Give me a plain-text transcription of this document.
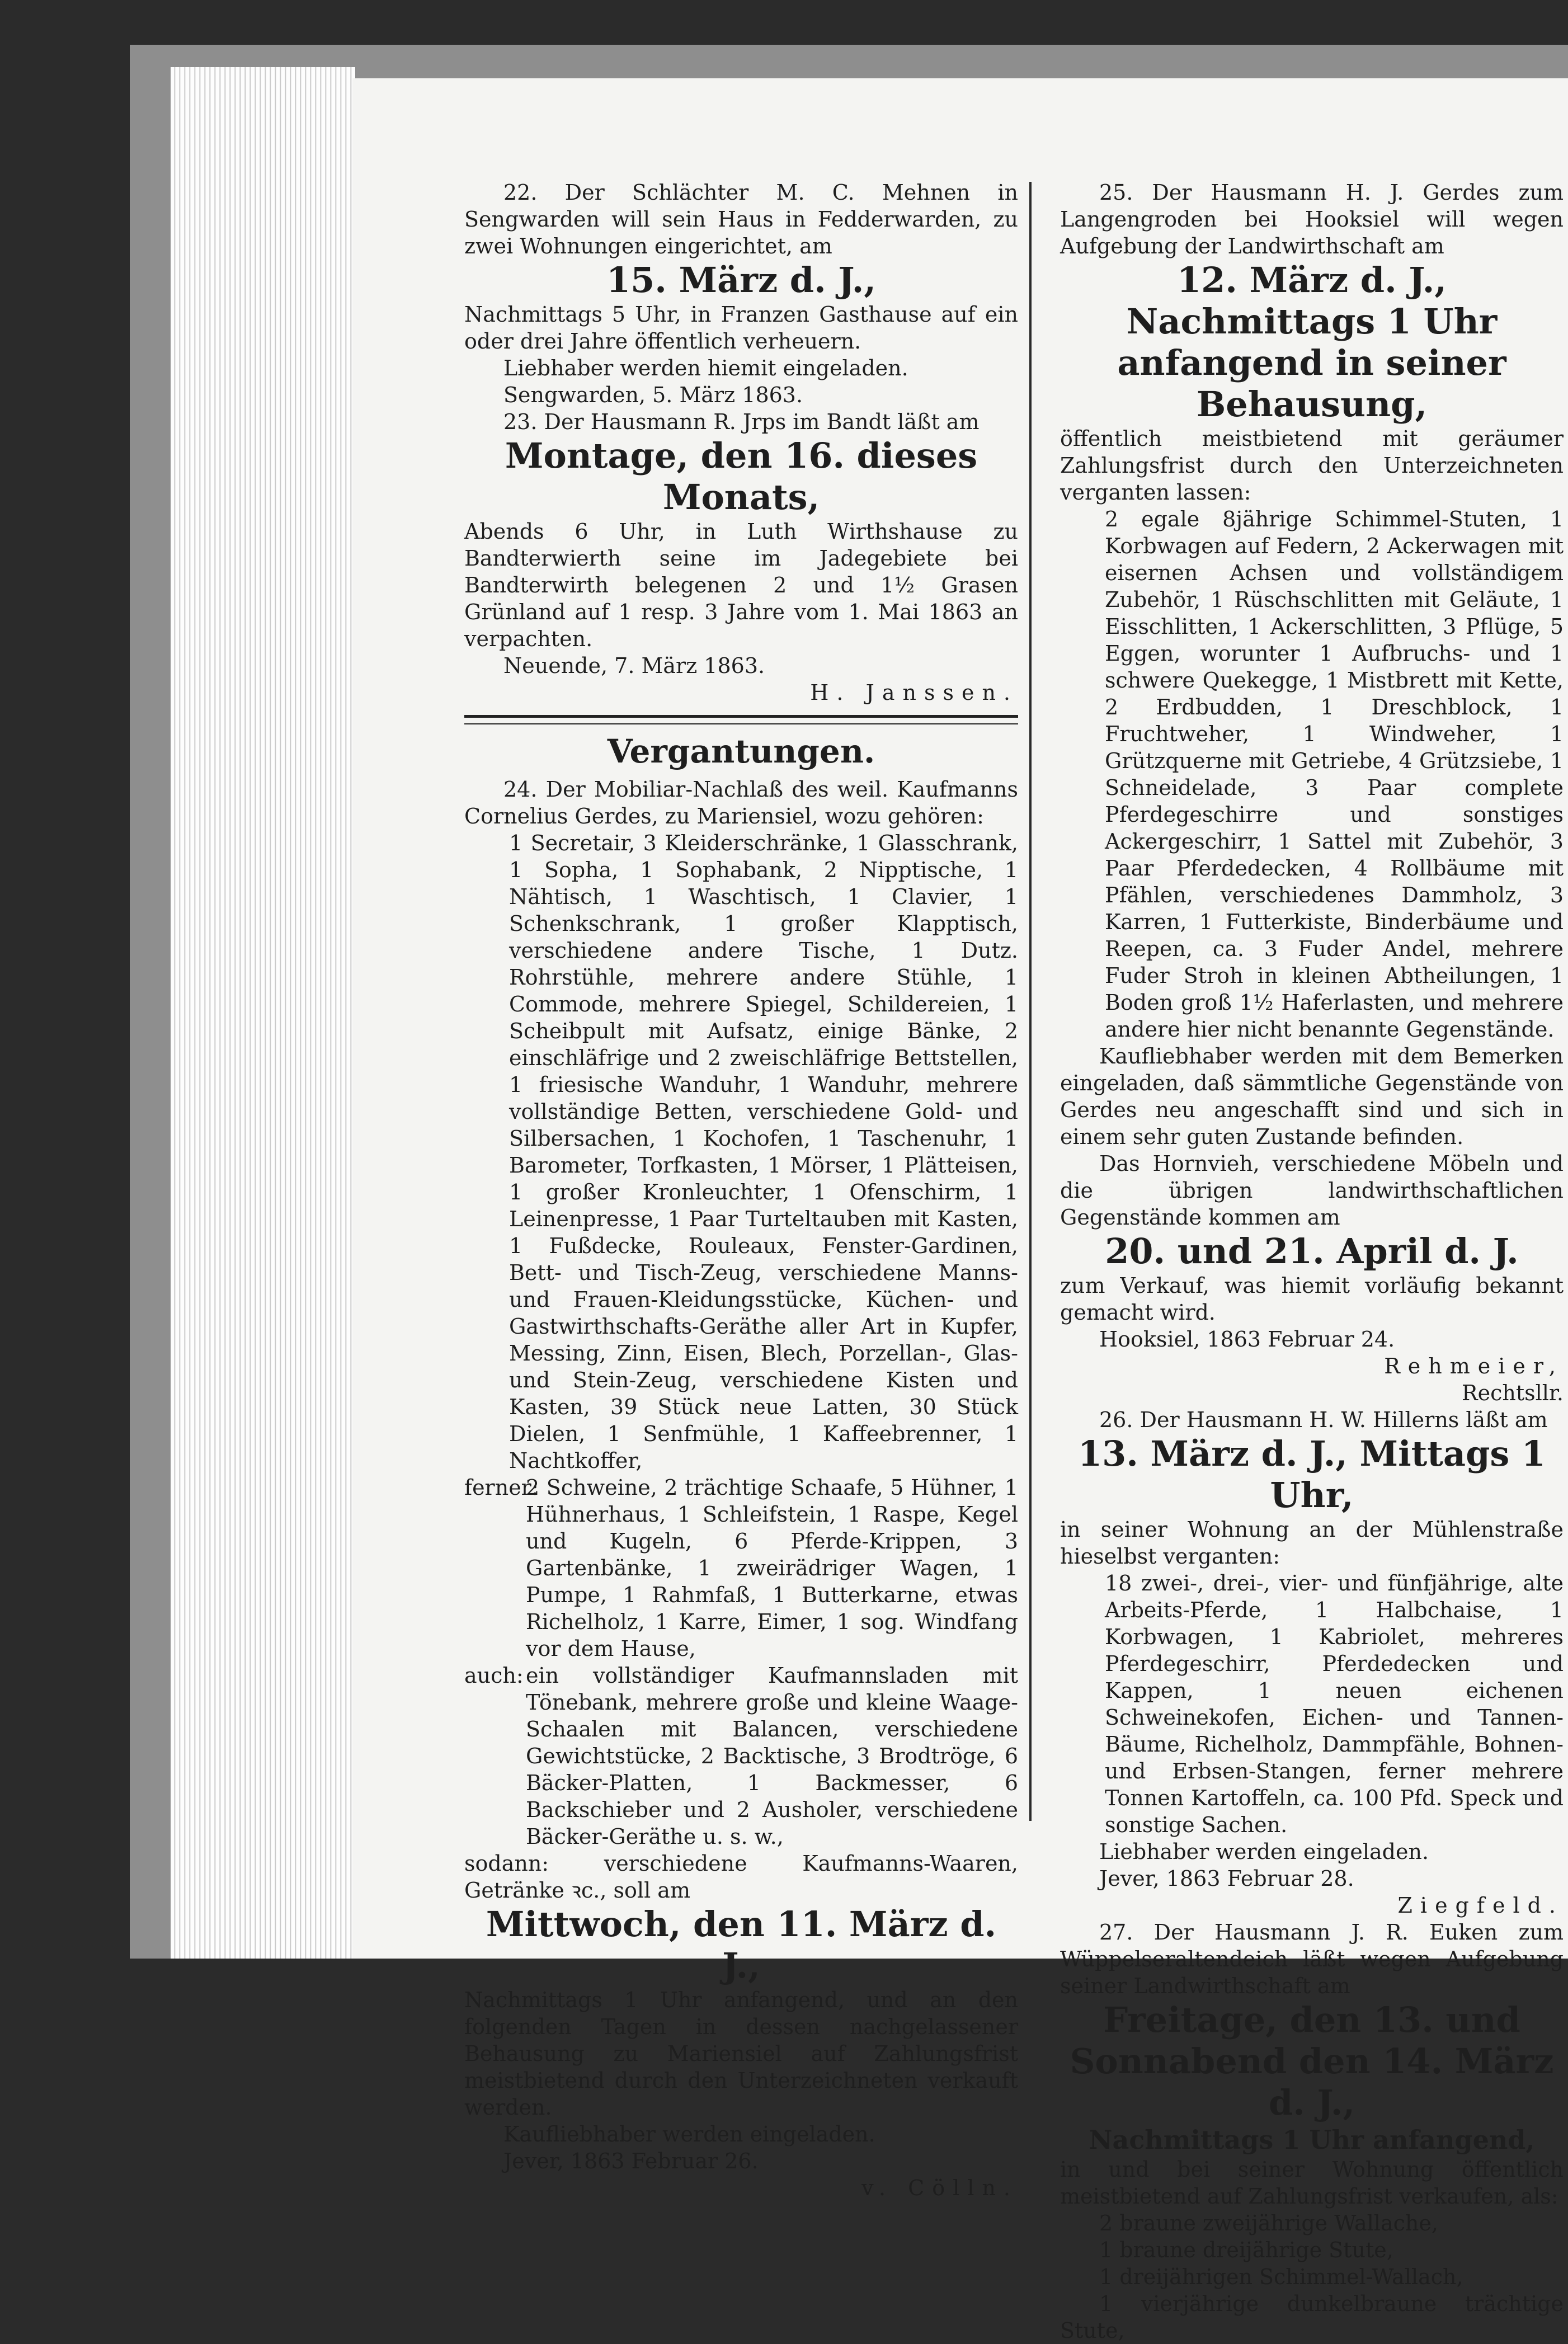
22. Der Schlächter M. C. Mehnen in Sengwarden will sein Haus in Fedderwarden, zu zwei Wohnungen eingerichtet, am

15. März d. J.,

Nachmittags 5 Uhr, in Franzen Gasthause auf ein oder drei Jahre öffentlich verheuern.

Liebhaber werden hiemit eingeladen.

Sengwarden, 5. März 1863.

23. Der Hausmann R. Jrps im Bandt läßt am

Montage, den 16. dieses Monats,

Abends 6 Uhr, in Luth Wirthshause zu Bandterwierth seine im Jadegebiete bei Bandterwirth belegenen 2 und 1½ Grasen Grünland auf 1 resp. 3 Jahre vom 1. Mai 1863 an verpachten.

Neuende, 7. März 1863.

H. Janssen.

Vergantungen.

24. Der Mobiliar-Nachlaß des weil. Kaufmanns Cornelius Gerdes, zu Mariensiel, wozu gehören:

1 Secretair, 3 Kleiderschränke, 1 Glasschrank, 1 Sopha, 1 Sophabank, 2 Nipptische, 1 Nähtisch, 1 Waschtisch, 1 Clavier, 1 Schenkschrank, 1 großer Klapptisch, verschiedene andere Tische, 1 Dutz. Rohrstühle, mehrere andere Stühle, 1 Commode, mehrere Spiegel, Schildereien, 1 Scheibpult mit Aufsatz, einige Bänke, 2 einschläfrige und 2 zweischläfrige Bettstellen, 1 friesische Wanduhr, 1 Wanduhr, mehrere vollständige Betten, verschiedene Gold- und Silbersachen, 1 Kochofen, 1 Taschenuhr, 1 Barometer, Torfkasten, 1 Mörser, 1 Plätteisen, 1 großer Kronleuchter, 1 Ofenschirm, 1 Leinenpresse, 1 Paar Turteltauben mit Kasten, 1 Fußdecke, Rouleaux, Fenster-Gardinen, Bett- und Tisch-Zeug, verschiedene Manns- und Frauen-Kleidungsstücke, Küchen- und Gastwirthschafts-Geräthe aller Art in Kupfer, Messing, Zinn, Eisen, Blech, Porzellan-, Glas- und Stein-Zeug, verschiedene Kisten und Kasten, 39 Stück neue Latten, 30 Stück Dielen, 1 Senfmühle, 1 Kaffeebrenner, 1 Nachtkoffer,

ferner:

2 Schweine, 2 trächtige Schaafe, 5 Hühner, 1 Hühnerhaus, 1 Schleifstein, 1 Raspe, Kegel und Kugeln, 6 Pferde-Krippen, 3 Gartenbänke, 1 zweirädriger Wagen, 1 Pumpe, 1 Rahmfaß, 1 Butterkarne, etwas Richelholz, 1 Karre, Eimer, 1 sog. Windfang vor dem Hause,

auch: ein vollständiger Kaufmannsladen mit Tönebank, mehrere große und kleine Waage-Schaalen mit Balancen, verschiedene Gewichtstücke, 2 Backtische, 3 Brodtröge, 6 Bäcker-Platten, 1 Backmesser, 6 Backschieber und 2 Ausholer, verschiedene Bäcker-Geräthe u. s. w.,

sodann: verschiedene Kaufmanns-Waaren, Getränke ꝛc., soll am

Mittwoch, den 11. März d. J.,

Nachmittags 1 Uhr anfangend, und an den folgenden Tagen in dessen nachgelassener Behausung zu Mariensiel auf Zahlungsfrist meistbietend durch den Unterzeichneten verkauft werden.

Kaufliebhaber werden eingeladen.

Jever, 1863 Februar 26.

v. Cölln.

25. Der Hausmann H. J. Gerdes zum Langengroden bei Hooksiel will wegen Aufgebung der Landwirthschaft am

12. März d. J., Nachmittags 1 Uhr anfangend in seiner Behausung,

öffentlich meistbietend mit geräumer Zahlungsfrist durch den Unterzeichneten verganten lassen:

2 egale 8jährige Schimmel-Stuten, 1 Korbwagen auf Federn, 2 Ackerwagen mit eisernen Achsen und vollständigem Zubehör, 1 Rüschschlitten mit Geläute, 1 Eisschlitten, 1 Ackerschlitten, 3 Pflüge, 5 Eggen, worunter 1 Aufbruchs- und 1 schwere Quekegge, 1 Mistbrett mit Kette, 2 Erdbudden, 1 Dreschblock, 1 Fruchtweher, 1 Windweher, 1 Grützquerne mit Getriebe, 4 Grützsiebe, 1 Schneidelade, 3 Paar complete Pferdegeschirre und sonstiges Ackergeschirr, 1 Sattel mit Zubehör, 3 Paar Pferdedecken, 4 Rollbäume mit Pfählen, verschiedenes Dammholz, 3 Karren, 1 Futterkiste, Binderbäume und Reepen, ca. 3 Fuder Andel, mehrere Fuder Stroh in kleinen Abtheilungen, 1 Boden groß 1½ Haferlasten, und mehrere andere hier nicht benannte Gegenstände.

Kaufliebhaber werden mit dem Bemerken eingeladen, daß sämmtliche Gegenstände von Gerdes neu angeschafft sind und sich in einem sehr guten Zustande befinden.

Das Hornvieh, verschiedene Möbeln und die übrigen landwirthschaftlichen Gegenstände kommen am

20. und 21. April d. J.

zum Verkauf, was hiemit vorläufig bekannt gemacht wird.

Hooksiel, 1863 Februar 24.

Rehmeier,

Rechtsllr.

26. Der Hausmann H. W. Hillerns läßt am

13. März d. J., Mittags 1 Uhr,

in seiner Wohnung an der Mühlenstraße hieselbst verganten:

18 zwei-, drei-, vier- und fünfjährige, alte Arbeits-Pferde, 1 Halbchaise, 1 Korbwagen, 1 Kabriolet, mehreres Pferdegeschirr, Pferdedecken und Kappen, 1 neuen eichenen Schweinekofen, Eichen- und Tannen-Bäume, Richelholz, Dammpfähle, Bohnen- und Erbsen-Stangen, ferner mehrere Tonnen Kartoffeln, ca. 100 Pfd. Speck und sonstige Sachen.

Liebhaber werden eingeladen.

Jever, 1863 Februar 28.

Ziegfeld.

27. Der Hausmann J. R. Euken zum Wüppelseraltendeich läßt wegen Aufgebung seiner Landwirthschaft am

Freitage, den 13. und Sonnabend den 14. März d. J.,

Nachmittags 1 Uhr anfangend,

in und bei seiner Wohnung öffentlich meistbietend auf Zahlungsfrist verkaufen, als:

2 braune zweijährige Wallache,

1 braune dreijährige Stute,

1 dreijährigen Schimmel-Wallach,

1 vierjährige dunkelbraune trächtige Stute,
